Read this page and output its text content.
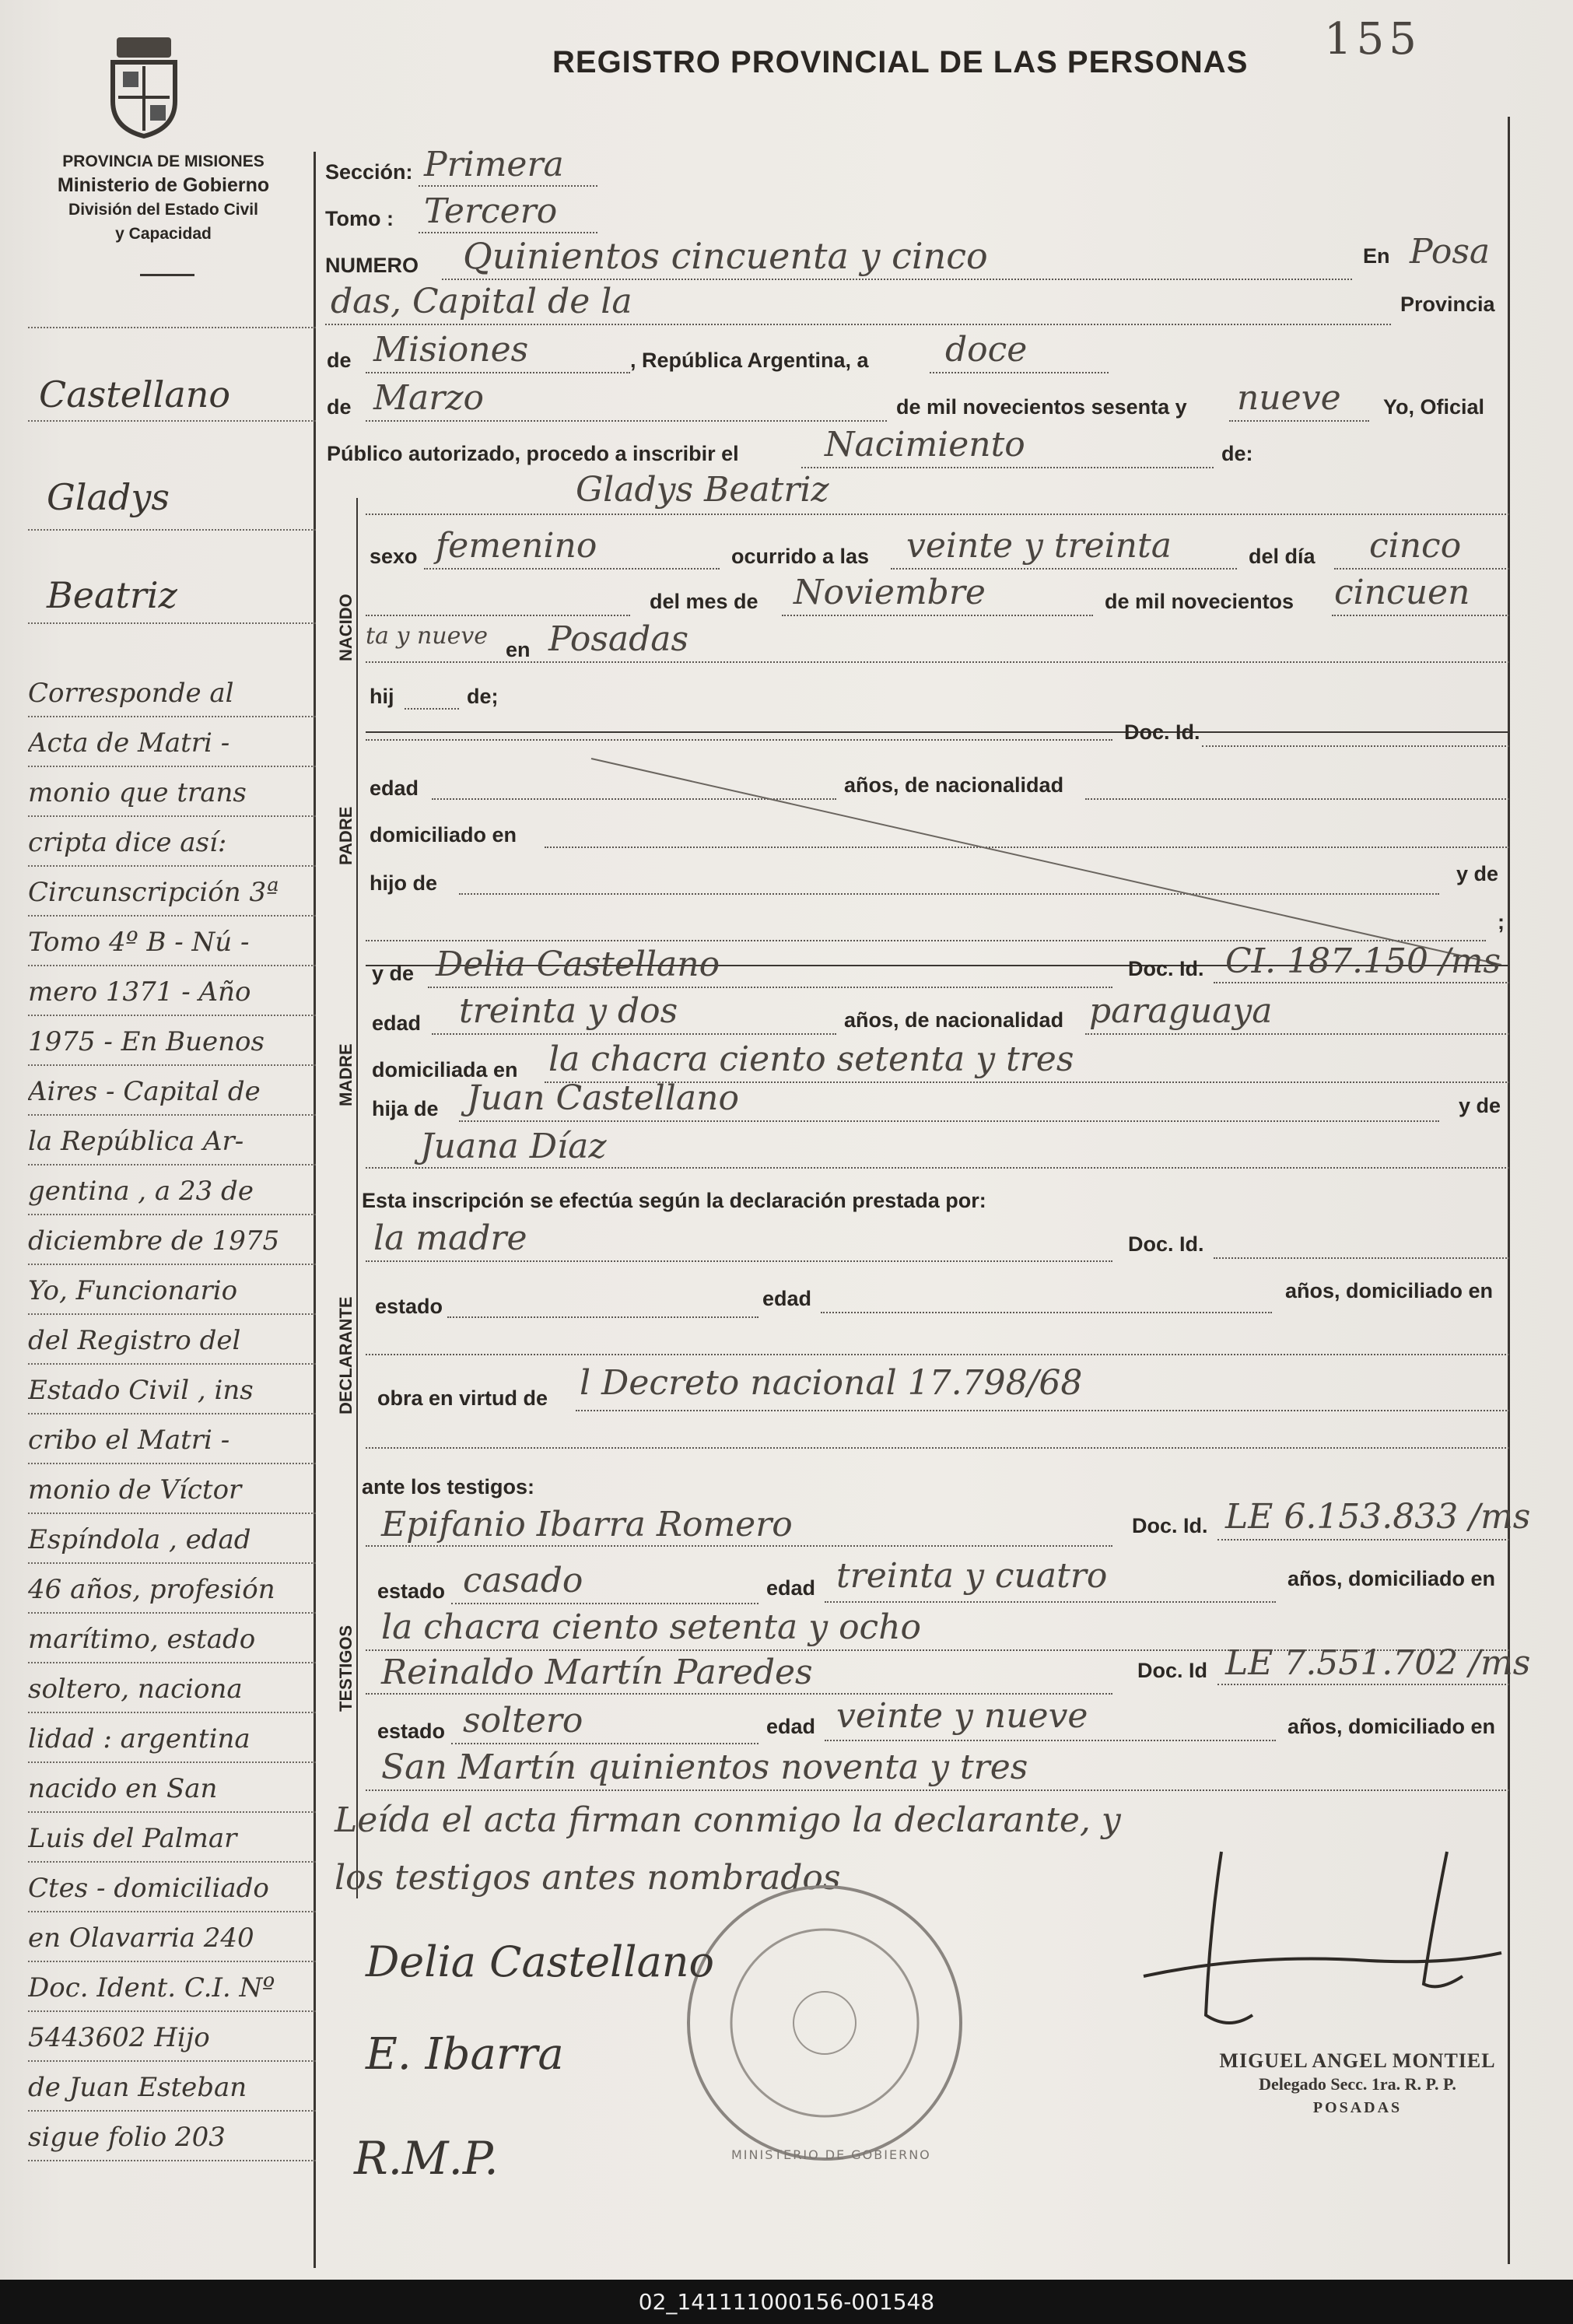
PROVINCIA DE MISIONES
Ministerio de Gobierno
División del Estado Civil
y Capacidad
REGISTRO PROVINCIAL DE LAS PERSONAS 155
Sección: Primera
Tomo : Tercero
NUMERO Quinientos cincuenta y cinco	En Posa
das, Capital de la	Provincia
de Misiones	, República Argentina, a doce
de Marzo	de mil novecientos sesenta y nueve Yo, Oficial
Público autorizado, procedo a inscribir el	Nacimiento	de:
NACIDO
Gladys Beatriz
sexo femenino	ocurrido a las veinte y treinta	del día cinco
del mes de Noviembre	de mil novecientos cincuen
ta y nueve en Posadas
hij	de;
PADRE
Doc. Id.
edad	años, de nacionalidad
domiciliado en
hijo de	y de
;
MADRE
y de Delia Castellano	Doc. Id. CI. 187.150 /ms
edad treinta y dos	años, de nacionalidad paraguaya
domiciliada en la chacra ciento setenta y tres
hija de Juan Castellano	y de
Juana Díaz
Esta inscripción se efectúa según la declaración prestada por:
DECLARANTE
la madre	Doc. Id.
estado	edad	años, domiciliado en
obra en virtud de l Decreto nacional 17.798/68
ante los testigos:
TESTIGOS
Epifanio Ibarra Romero	Doc. Id. LE 6.153.833 /ms
estado casado	edad treinta y cuatro	años, domiciliado en
la chacra ciento setenta y ocho
Reinaldo Martín Paredes	Doc. Id LE 7.551.702 /ms
estado soltero	edad veinte y nueve	años, domiciliado en
San Martín quinientos noventa y tres
Leída el acta firman conmigo la declarante, y
los testigos antes nombrados
MINISTERIO DE GOBIERNO
Delia Castellano
E. Ibarra
R.M.P.
MIGUEL ANGEL MONTIEL
Delegado Secc. 1ra. R. P. P.
POSADAS
Castellano
Gladys
Beatriz
Corresponde al
Acta de Matri -
monio que trans
cripta dice así:
Circunscripción 3ª
Tomo 4º B - Nú -
mero 1371 - Año
1975 - En Buenos
Aires - Capital de
la República Ar-
gentina , a 23 de
diciembre de 1975
Yo, Funcionario
del Registro del
Estado Civil , ins
cribo el Matri -
monio de Víctor
Espíndola , edad
46 años, profesión
marítimo, estado
soltero, naciona
lidad : argentina
nacido en San
Luis del Palmar
Ctes - domiciliado
en Olavarria 240
Doc. Ident. C.I. Nº
5443602 Hijo
de Juan Esteban
sigue folio 203
02_141111000156-001548
